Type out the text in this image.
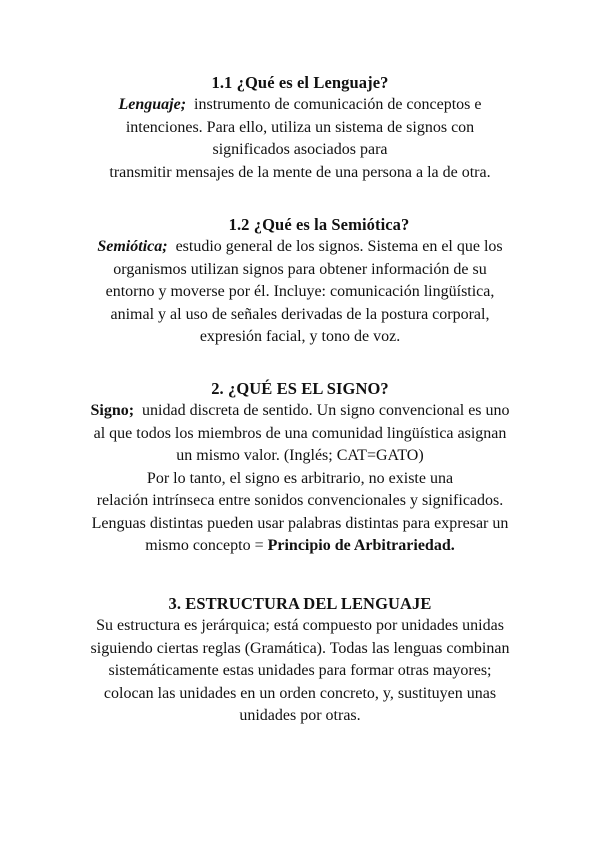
1.1 ¿Qué es el Lenguaje?

Lenguaje; instrumento de comunicación de conceptos e

intenciones. Para ello, utiliza un sistema de signos con

significados asociados para

transmitir mensajes de la mente de una persona a la de otra.

1.2 ¿Qué es la Semiótica?

Semiótica; estudio general de los signos. Sistema en el que los

organismos utilizan signos para obtener información de su

entorno y moverse por él. Incluye: comunicación lingüística,

animal y al uso de señales derivadas de la postura corporal,

expresión facial, y tono de voz.

2. ¿QUÉ ES EL SIGNO?

Signo; unidad discreta de sentido. Un signo convencional es uno

al que todos los miembros de una comunidad lingüística asignan

un mismo valor. (Inglés; CAT=GATO)

Por lo tanto, el signo es arbitrario, no existe una

relación intrínseca entre sonidos convencionales y significados.

Lenguas distintas pueden usar palabras distintas para expresar un

mismo concepto = Principio de Arbitrariedad.

3. ESTRUCTURA DEL LENGUAJE

Su estructura es jerárquica; está compuesto por unidades unidas

siguiendo ciertas reglas (Gramática). Todas las lenguas combinan

sistemáticamente estas unidades para formar otras mayores;

colocan las unidades en un orden concreto, y, sustituyen unas

unidades por otras.
